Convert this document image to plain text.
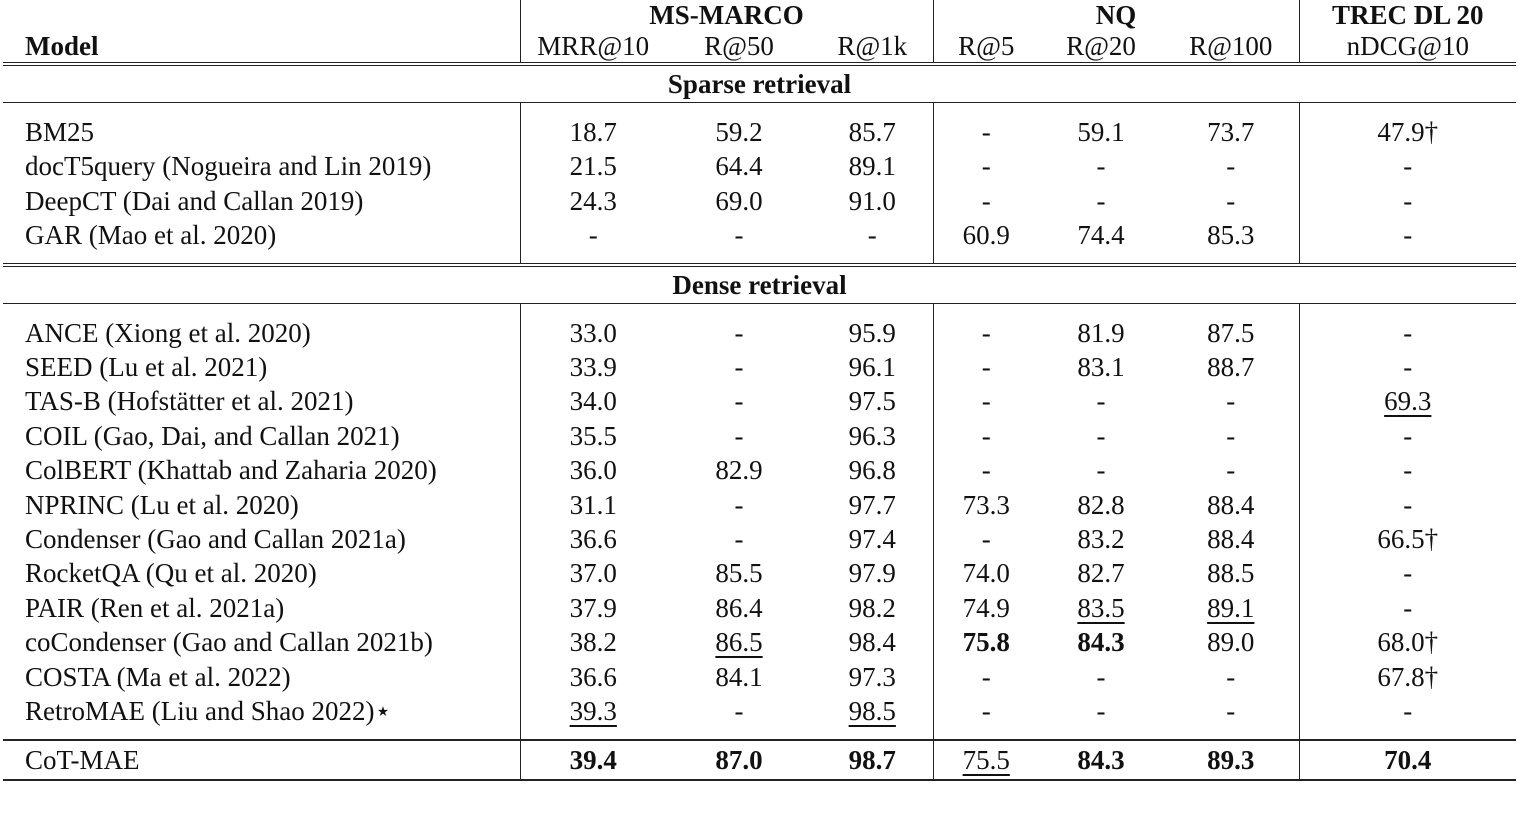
	MS-MARCO			NQ			TREC DL 20
Model	MRR@10	R@50	R@1k	R@5	R@20	R@100	nDCG@10
Sparse retrieval							
BM25	18.7	59.2	85.7	-	59.1	73.7	47.9†
docT5query (Nogueira and Lin 2019)	21.5	64.4	89.1	-	-	-	-
DeepCT (Dai and Callan 2019)	24.3	69.0	91.0	-	-	-	-
GAR (Mao et al. 2020)	-	-	-	60.9	74.4	85.3	-
Dense retrieval							
ANCE (Xiong et al. 2020)	33.0	-	95.9	-	81.9	87.5	-
SEED (Lu et al. 2021)	33.9	-	96.1	-	83.1	88.7	-
TAS-B (Hofstätter et al. 2021)	34.0	-	97.5	-	-	-	69.3
COIL (Gao, Dai, and Callan 2021)	35.5	-	96.3	-	-	-	-
ColBERT (Khattab and Zaharia 2020)	36.0	82.9	96.8	-	-	-	-
NPRINC (Lu et al. 2020)	31.1	-	97.7	73.3	82.8	88.4	-
Condenser (Gao and Callan 2021a)	36.6	-	97.4	-	83.2	88.4	66.5†
RocketQA (Qu et al. 2020)	37.0	85.5	97.9	74.0	82.7	88.5	-
PAIR (Ren et al. 2021a)	37.9	86.4	98.2	74.9	83.5	89.1	-
coCondenser (Gao and Callan 2021b)	38.2	86.5	98.4	75.8	84.3	89.0	68.0†
COSTA (Ma et al. 2022)	36.6	84.1	97.3	-	-	-	67.8†
RetroMAE (Liu and Shao 2022)⋆	39.3	-	98.5	-	-	-	-
CoT-MAE	39.4	87.0	98.7	75.5	84.3	89.3	70.4
